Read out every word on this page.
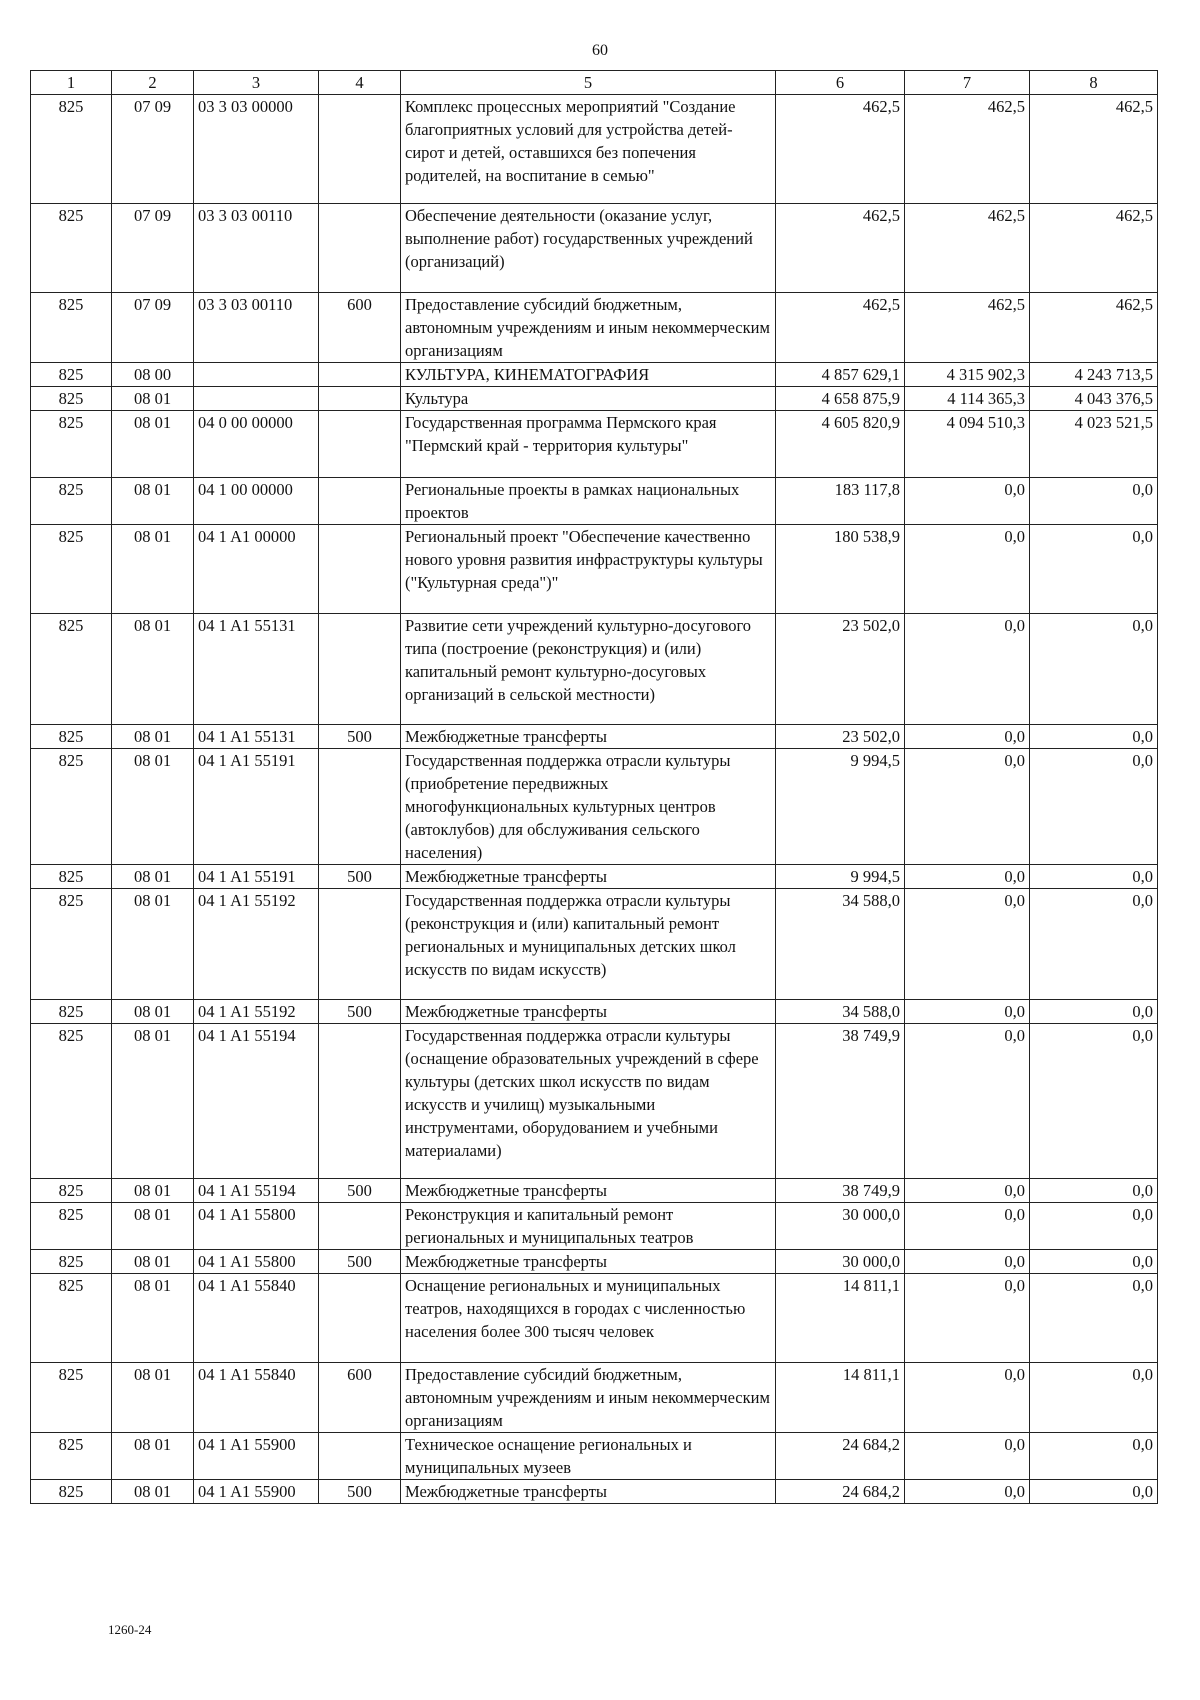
60
1	2	3	4	5	6	7	8
825	07 09	03 3 03 00000		Комплекс процессных мероприятий "Создание благоприятных условий для устройства детей-сирот и детей, оставшихся без попечения родителей, на воспитание в семью"	462,5	462,5	462,5
825	07 09	03 3 03 00110		Обеспечение деятельности (оказание услуг, выполнение работ) государственных учреждений (организаций)	462,5	462,5	462,5
825	07 09	03 3 03 00110	600	Предоставление субсидий бюджетным, автономным учреждениям и иным некоммерческим организациям	462,5	462,5	462,5
825	08 00			КУЛЬТУРА, КИНЕМАТОГРАФИЯ	4 857 629,1	4 315 902,3	4 243 713,5
825	08 01			Культура	4 658 875,9	4 114 365,3	4 043 376,5
825	08 01	04 0 00 00000		Государственная программа Пермского края "Пермский край - территория культуры"	4 605 820,9	4 094 510,3	4 023 521,5
825	08 01	04 1 00 00000		Региональные проекты в рамках национальных проектов	183 117,8	0,0	0,0
825	08 01	04 1 A1 00000		Региональный проект "Обеспечение качественно нового уровня развития инфраструктуры культуры ("Культурная среда")"	180 538,9	0,0	0,0
825	08 01	04 1 A1 55131		Развитие сети учреждений культурно-досугового типа (построение (реконструкция) и (или) капитальный ремонт культурно-досуговых организаций в сельской местности)	23 502,0	0,0	0,0
825	08 01	04 1 A1 55131	500	Межбюджетные трансферты	23 502,0	0,0	0,0
825	08 01	04 1 A1 55191		Государственная поддержка отрасли культуры (приобретение передвижных многофункциональных культурных центров (автоклубов) для обслуживания сельского населения)	9 994,5	0,0	0,0
825	08 01	04 1 A1 55191	500	Межбюджетные трансферты	9 994,5	0,0	0,0
825	08 01	04 1 A1 55192		Государственная поддержка отрасли культуры (реконструкция и (или) капитальный ремонт региональных и муниципальных детских школ искусств по видам искусств)	34 588,0	0,0	0,0
825	08 01	04 1 A1 55192	500	Межбюджетные трансферты	34 588,0	0,0	0,0
825	08 01	04 1 A1 55194		Государственная поддержка отрасли культуры (оснащение образовательных учреждений в сфере культуры (детских школ искусств по видам искусств и училищ) музыкальными инструментами, оборудованием и учебными материалами)	38 749,9	0,0	0,0
825	08 01	04 1 A1 55194	500	Межбюджетные трансферты	38 749,9	0,0	0,0
825	08 01	04 1 A1 55800		Реконструкция и капитальный ремонт региональных и муниципальных театров	30 000,0	0,0	0,0
825	08 01	04 1 A1 55800	500	Межбюджетные трансферты	30 000,0	0,0	0,0
825	08 01	04 1 A1 55840		Оснащение региональных и муниципальных театров, находящихся в городах с численностью населения более 300 тысяч человек	14 811,1	0,0	0,0
825	08 01	04 1 A1 55840	600	Предоставление субсидий бюджетным, автономным учреждениям и иным некоммерческим организациям	14 811,1	0,0	0,0
825	08 01	04 1 A1 55900		Техническое оснащение региональных и муниципальных музеев	24 684,2	0,0	0,0
825	08 01	04 1 A1 55900	500	Межбюджетные трансферты	24 684,2	0,0	0,0
1260-24
